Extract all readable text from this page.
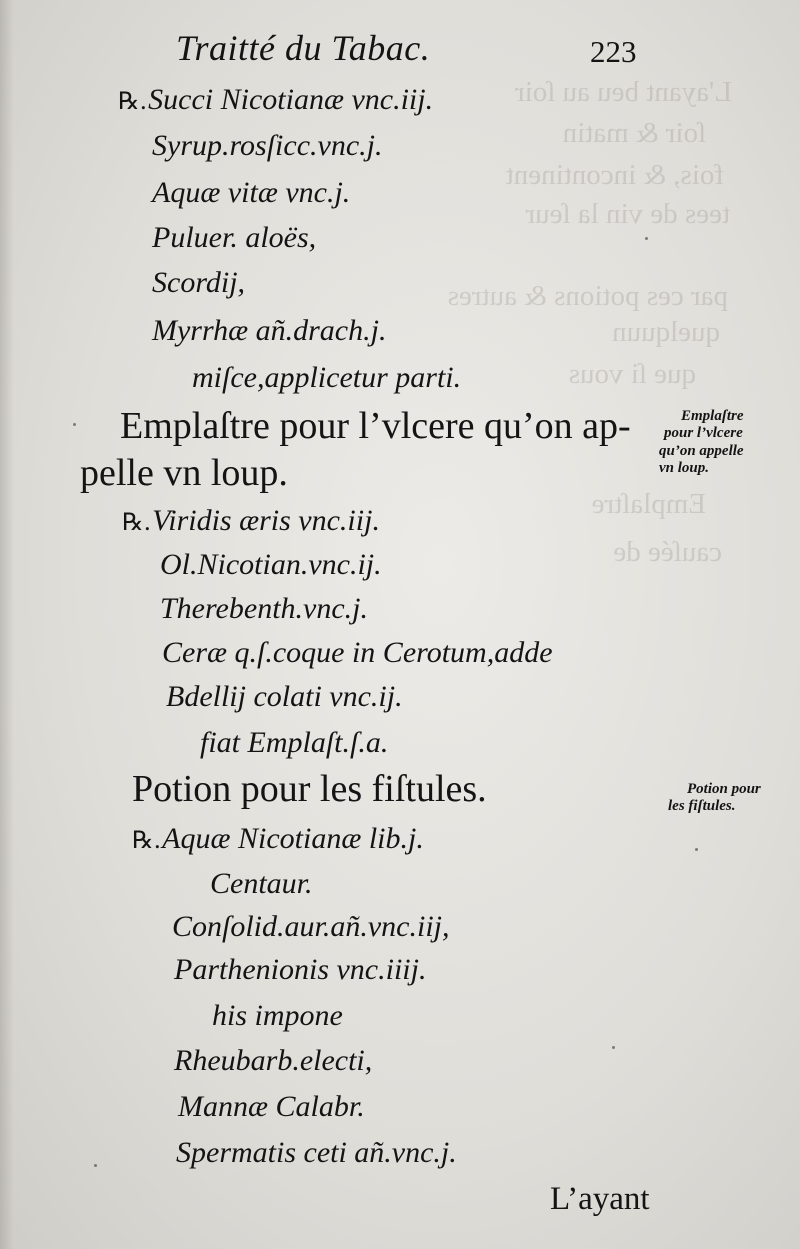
L'ayant beu au ſoir
ſoir & matin
fois, & incontinent
tees de vin la ſeur
par ces potions & autres
quelquun
que ſi vous
Emplaſtre
cauſée de
Traitté du Tabac.	223
℞.Succi Nicotianæ vnc.iij.
Syrup.rosſicc.vnc.j.
Aquæ vitæ vnc.j.
Puluer. aloës,
Scordij,
Myrrhæ añ.drach.j.
miſce,applicetur parti.
Emplaſtre pour l’vlcere qu’on ap-
pelle vn loup.
Emplaſtre
pour l’vlcere
qu’on appelle
vn loup.
℞.Viridis æris vnc.iij.
Ol.Nicotian.vnc.ij.
Therebenth.vnc.j.
Ceræ q.ſ.coque in Cerotum,adde
Bdellij colati vnc.ij.
fiat Emplaſt.ſ.a.
Potion pour les fiſtules.	Potion pour
les fiſtules.
℞.Aquæ Nicotianæ lib.j.
Centaur.
Conſolid.aur.añ.vnc.iij,
Parthenionis vnc.iiij.
his impone
Rheubarb.electi,
Mannæ Calabr.
Spermatis ceti añ.vnc.j.
L’ayant
